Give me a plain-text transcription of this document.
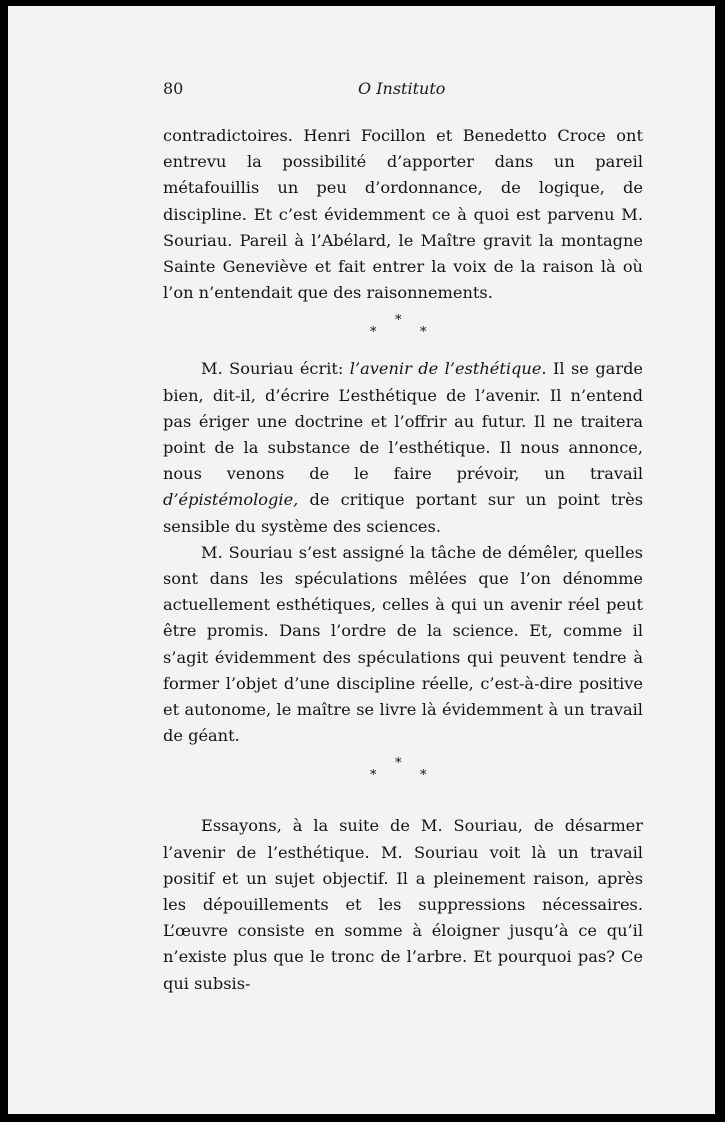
80	O Instituto

contradictoires. Henri Focillon et Benedetto Croce ont entrevu la possibilité d’apporter dans un pareil métafouillis un peu d’ordonnance, de logique, de discipline. Et c’est évidemment ce à quoi est parvenu M. Souriau. Pareil à l’Abélard, le Maître gravit la montagne Sainte Geneviève et fait entrer la voix de la raison là où l’on n’entendait que des raisonnements.

*
*	*

M. Souriau écrit: l’avenir de l’esthétique. Il se garde bien, dit-il, d’écrire L’esthétique de l’avenir. Il n’entend pas ériger une doctrine et l’offrir au futur. Il ne traitera point de la substance de l’esthétique. Il nous annonce, nous venons de le faire prévoir, un travail d’épistémologie, de critique portant sur un point très sensible du système des sciences.

M. Souriau s’est assigné la tâche de démêler, quelles sont dans les spéculations mêlées que l’on dénomme actuellement esthétiques, celles à qui un avenir réel peut être promis. Dans l’ordre de la science. Et, comme il s’agit évidemment des spéculations qui peuvent tendre à former l’objet d’une discipline réelle, c’est-à-dire positive et autonome, le maître se livre là évidemment à un travail de géant.

*
*	*

Essayons, à la suite de M. Souriau, de désarmer l’avenir de l’esthétique. M. Souriau voit là un travail positif et un sujet objectif. Il a pleinement raison, après les dépouillements et les suppressions nécessaires. L’œuvre consiste en somme à éloigner jusqu’à ce qu’il n’existe plus que le tronc de l’arbre. Et pourquoi pas? Ce qui subsis-
